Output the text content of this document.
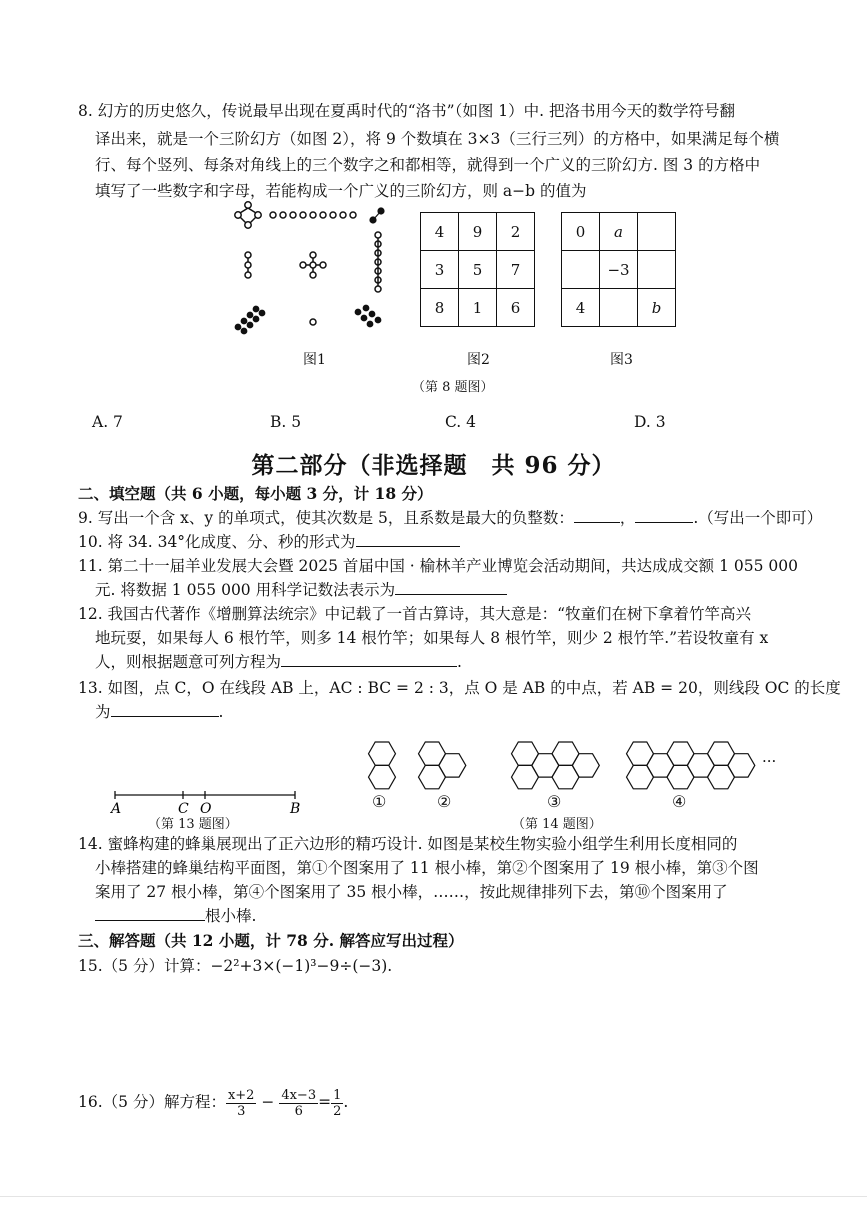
8. 幻方的历史悠久，传说最早出现在夏禹时代的“洛书”（如图 1）中. 把洛书用今天的数学符号翻
译出来，就是一个三阶幻方（如图 2），将 9 个数填在 3×3（三行三列）的方格中，如果满足每个横
行、每个竖列、每条对角线上的三个数字之和都相等，就得到一个广义的三阶幻方. 图 3 的方格中
填写了一些数字和字母，若能构成一个广义的三阶幻方，则 a−b 的值为
4	9	2
3	5	7
8	1	6
0	a	
	−3	
4		b
图1	图2	图3
（第 8 题图）
A. 7	B. 5	C. 4	D. 3
第二部分（非选择题　共 96 分）
二、填空题（共 6 小题，每小题 3 分，计 18 分）
9. 写出一个含 x、y 的单项式，使其次数是 5，且系数是最大的负整数：	，	.（写出一个即可）
10. 将 34. 34°化成度、分、秒的形式为
11. 第二十一届羊业发展大会暨 2025 首届中国 · 榆林羊产业博览会活动期间，共达成成交额 1 055 000
元. 将数据 1 055 000 用科学记数法表示为
12. 我国古代著作《增删算法统宗》中记载了一首古算诗，其大意是：“牧童们在树下拿着竹竿高兴
地玩耍，如果每人 6 根竹竿，则多 14 根竹竿；如果每人 8 根竹竿，则少 2 根竹竿.”若设牧童有 x
人，则根据题意可列方程为	.
13. 如图，点 C，O 在线段 AB 上，AC : BC = 2 : 3，点 O 是 AB 的中点，若 AB = 20，则线段 OC 的长度
为	.
A	C O	B
（第 13 题图）
①	②	③	④
···
（第 14 题图）
14. 蜜蜂构建的蜂巢展现出了正六边形的精巧设计. 如图是某校生物实验小组学生利用长度相同的
小棒搭建的蜂巢结构平面图，第①个图案用了 11 根小棒，第②个图案用了 19 根小棒，第③个图
案用了 27 根小棒，第④个图案用了 35 根小棒，……，按此规律排列下去，第⑩个图案用了
根小棒.
三、解答题（共 12 小题，计 78 分. 解答应写出过程）
15.（5 分）计算：−2²+3×(−1)³−9÷(−3).
16.（5 分）解方程： $\frac{x+2}{3} - \frac{4x-3}{6} = \frac{1}{2}$ .
